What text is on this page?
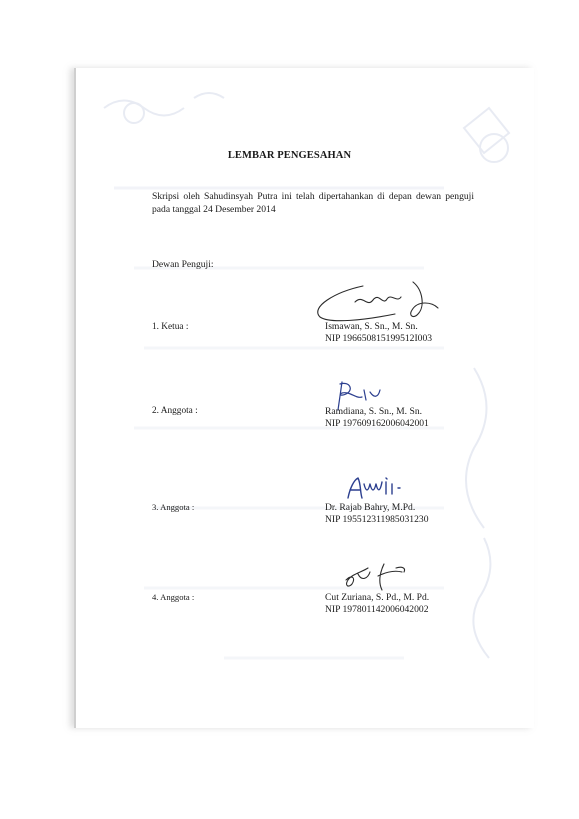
LEMBAR PENGESAHAN
Skripsi oleh Sahudinsyah Putra ini telah dipertahankan di depan dewan penguji pada tanggal 24 Desember 2014
Dewan Penguji:
1. Ketua :	Ismawan, S. Sn., M. Sn.
NIP 196650815199512I003
2. Anggota :	Ramdiana, S. Sn., M. Sn.
NIP 197609162006042001
3. Anggota :	Dr. Rajab Bahry, M.Pd.
NIP 195512311985031230
4. Anggota :	Cut Zuriana, S. Pd., M. Pd.
NIP 197801142006042002
